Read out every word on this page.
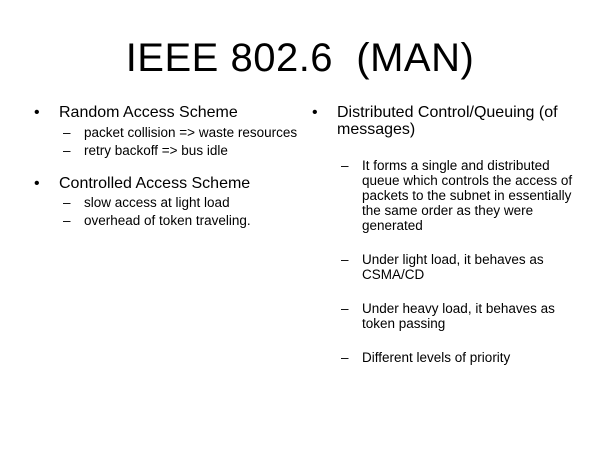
IEEE 802.6  (MAN)
• Random Access Scheme
– packet collision => waste resources
– retry backoff => bus idle
• Controlled Access Scheme
– slow access at light load
– overhead of token traveling.
• Distributed Control/Queuing (of messages)
– It forms a single and distributed queue which controls the access of packets to the subnet in essentially the same order as they were generated
– Under light load, it behaves as CSMA/CD
– Under heavy load, it behaves as token passing
– Different levels of priority
